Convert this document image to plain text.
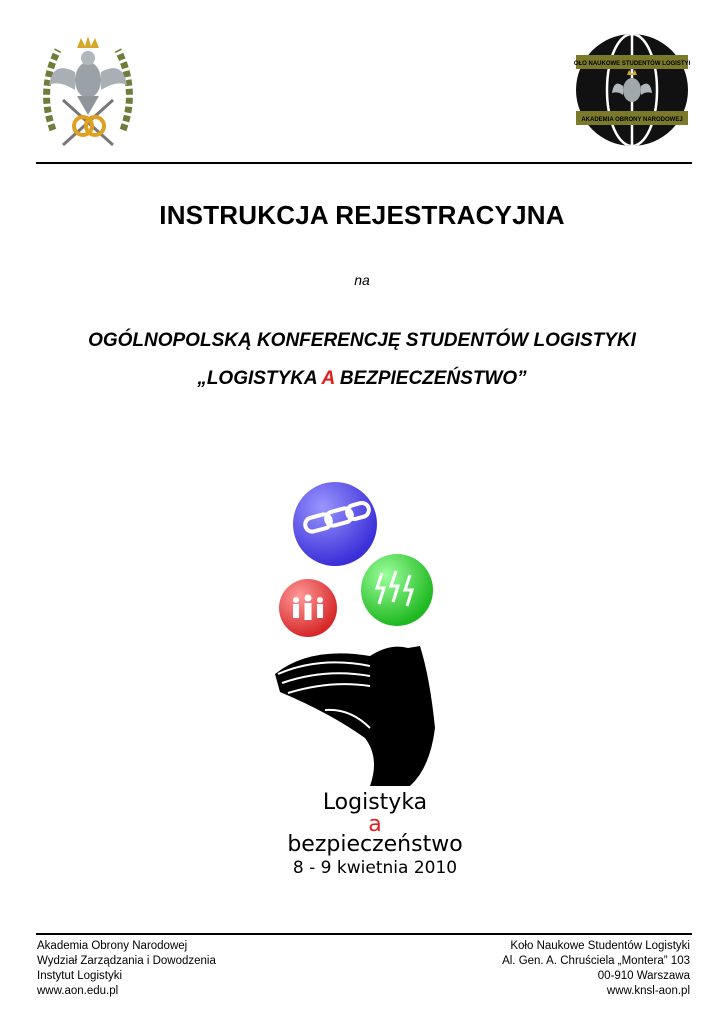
KOŁO NAUKOWE STUDENTÓW LOGISTYKI
AKADEMIA OBRONY NARODOWEJ
INSTRUKCJA REJESTRACYJNA
na
OGÓLNOPOLSKĄ KONFERENCJĘ STUDENTÓW LOGISTYKI
„LOGISTYKA A BEZPIECZEŃSTWO”
Logistyka
a
bezpieczeństwo
8 - 9 kwietnia 2010
Akademia Obrony Narodowej
Wydział Zarządzania i Dowodzenia
Instytut Logistyki
www.aon.edu.pl
Koło Naukowe Studentów Logistyki
Al. Gen. A. Chruściela „Montera” 103
00-910 Warszawa
www.knsl-aon.pl
